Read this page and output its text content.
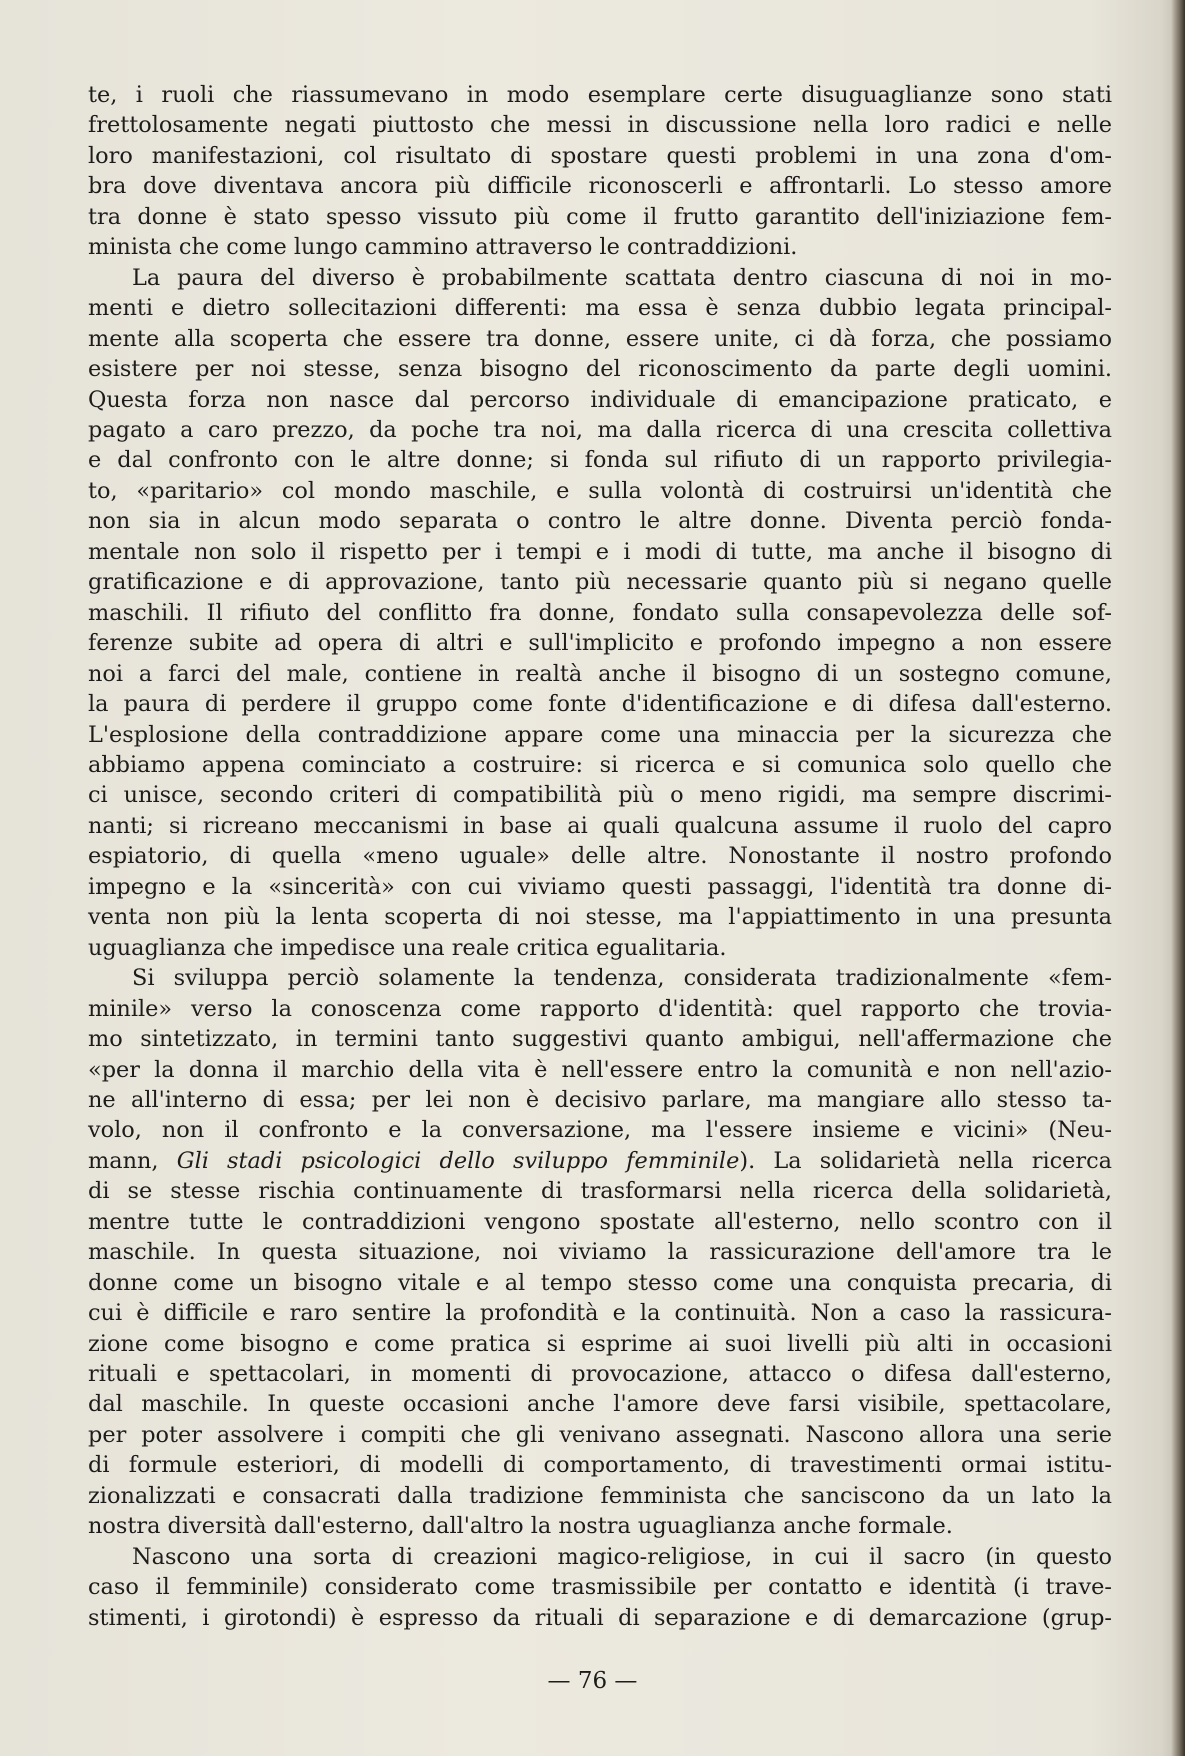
te, i ruoli che riassumevano in modo esemplare certe disuguaglianze sono stati
frettolosamente negati piuttosto che messi in discussione nella loro radici e nelle
loro manifestazioni, col risultato di spostare questi problemi in una zona d'om-
bra dove diventava ancora più difficile riconoscerli e affrontarli. Lo stesso amore
tra donne è stato spesso vissuto più come il frutto garantito dell'iniziazione fem-
minista che come lungo cammino attraverso le contraddizioni.
La paura del diverso è probabilmente scattata dentro ciascuna di noi in mo-
menti e dietro sollecitazioni differenti: ma essa è senza dubbio legata principal-
mente alla scoperta che essere tra donne, essere unite, ci dà forza, che possiamo
esistere per noi stesse, senza bisogno del riconoscimento da parte degli uomini.
Questa forza non nasce dal percorso individuale di emancipazione praticato, e
pagato a caro prezzo, da poche tra noi, ma dalla ricerca di una crescita collettiva
e dal confronto con le altre donne; si fonda sul rifiuto di un rapporto privilegia-
to, «paritario» col mondo maschile, e sulla volontà di costruirsi un'identità che
non sia in alcun modo separata o contro le altre donne. Diventa perciò fonda-
mentale non solo il rispetto per i tempi e i modi di tutte, ma anche il bisogno di
gratificazione e di approvazione, tanto più necessarie quanto più si negano quelle
maschili. Il rifiuto del conflitto fra donne, fondato sulla consapevolezza delle sof-
ferenze subite ad opera di altri e sull'implicito e profondo impegno a non essere
noi a farci del male, contiene in realtà anche il bisogno di un sostegno comune,
la paura di perdere il gruppo come fonte d'identificazione e di difesa dall'esterno.
L'esplosione della contraddizione appare come una minaccia per la sicurezza che
abbiamo appena cominciato a costruire: si ricerca e si comunica solo quello che
ci unisce, secondo criteri di compatibilità più o meno rigidi, ma sempre discrimi-
nanti; si ricreano meccanismi in base ai quali qualcuna assume il ruolo del capro
espiatorio, di quella «meno uguale» delle altre. Nonostante il nostro profondo
impegno e la «sincerità» con cui viviamo questi passaggi, l'identità tra donne di-
venta non più la lenta scoperta di noi stesse, ma l'appiattimento in una presunta
uguaglianza che impedisce una reale critica egualitaria.
Si sviluppa perciò solamente la tendenza, considerata tradizionalmente «fem-
minile» verso la conoscenza come rapporto d'identità: quel rapporto che trovia-
mo sintetizzato, in termini tanto suggestivi quanto ambigui, nell'affermazione che
«per la donna il marchio della vita è nell'essere entro la comunità e non nell'azio-
ne all'interno di essa; per lei non è decisivo parlare, ma mangiare allo stesso ta-
volo, non il confronto e la conversazione, ma l'essere insieme e vicini» (Neu-
mann, Gli stadi psicologici dello sviluppo femminile). La solidarietà nella ricerca
di se stesse rischia continuamente di trasformarsi nella ricerca della solidarietà,
mentre tutte le contraddizioni vengono spostate all'esterno, nello scontro con il
maschile. In questa situazione, noi viviamo la rassicurazione dell'amore tra le
donne come un bisogno vitale e al tempo stesso come una conquista precaria, di
cui è difficile e raro sentire la profondità e la continuità. Non a caso la rassicura-
zione come bisogno e come pratica si esprime ai suoi livelli più alti in occasioni
rituali e spettacolari, in momenti di provocazione, attacco o difesa dall'esterno,
dal maschile. In queste occasioni anche l'amore deve farsi visibile, spettacolare,
per poter assolvere i compiti che gli venivano assegnati. Nascono allora una serie
di formule esteriori, di modelli di comportamento, di travestimenti ormai istitu-
zionalizzati e consacrati dalla tradizione femminista che sanciscono da un lato la
nostra diversità dall'esterno, dall'altro la nostra uguaglianza anche formale.
Nascono una sorta di creazioni magico-religiose, in cui il sacro (in questo
caso il femminile) considerato come trasmissibile per contatto e identità (i trave-
stimenti, i girotondi) è espresso da rituali di separazione e di demarcazione (grup-
— 76 —
